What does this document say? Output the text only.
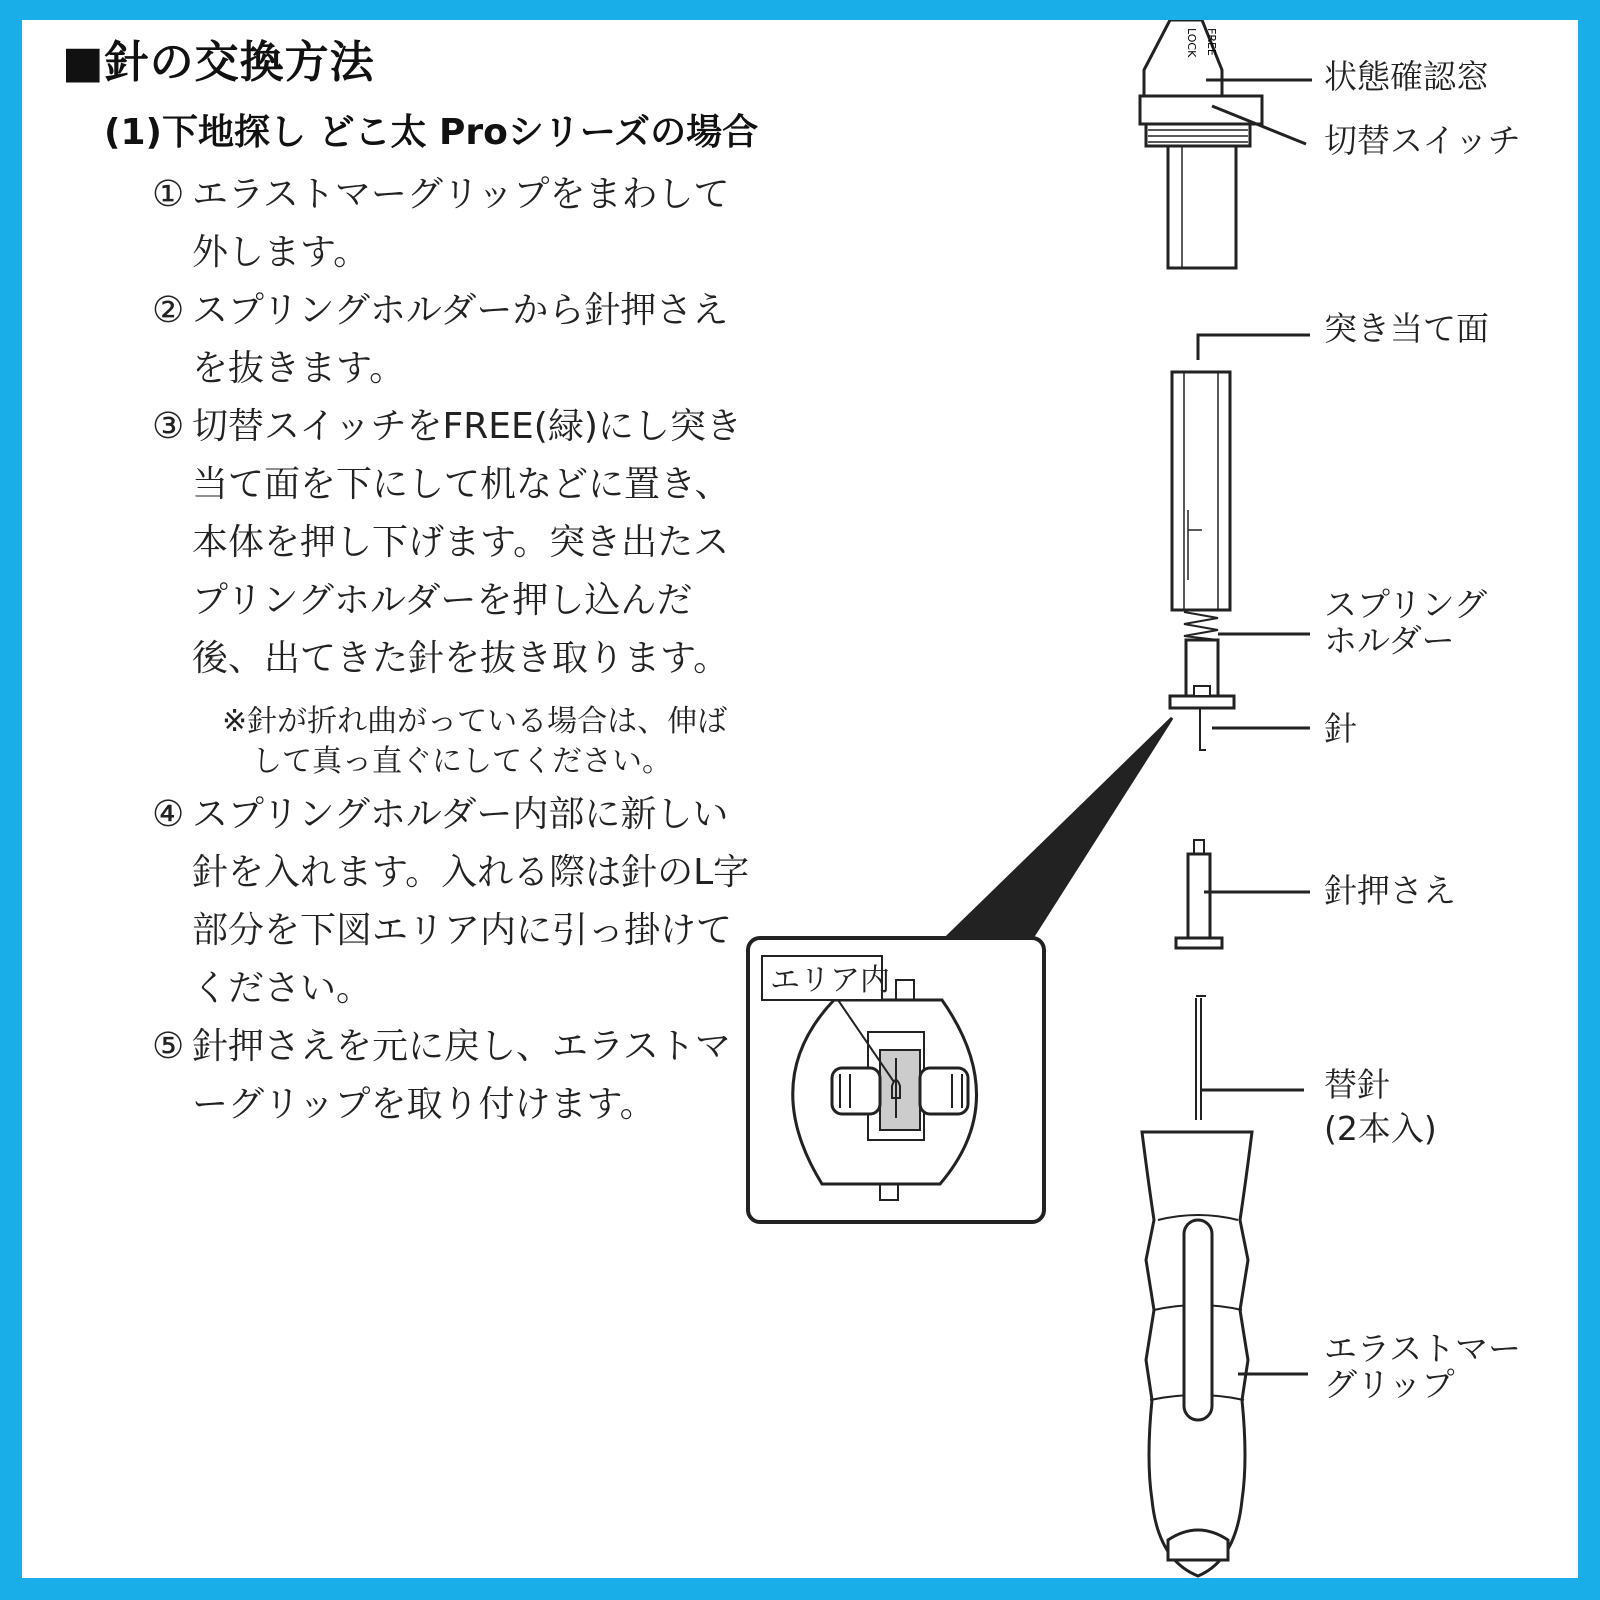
■針の交換方法
(1)下地探し どこ太 Proシリーズの場合
① エラストマーグリップをまわして外します。
② スプリングホルダーから針押さえを抜きます。
③ 切替スイッチをFREE(緑)にし突き当て面を下にして机などに置き、本体を押し下げます。突き出たスプリングホルダーを押し込んだ後、出てきた針を抜き取ります。
※針が折れ曲がっている場合は、伸ばして真っ直ぐにしてください。
④ スプリングホルダー内部に新しい針を入れます。入れる際は針のL字部分を下図エリア内に引っ掛けてください。
⑤ 針押さえを元に戻し、エラストマーグリップを取り付けます。
FREE
LOCK
エリア内
状態確認窓
切替スイッチ
突き当て面
スプリング
ホルダー
針
針押さえ
替針
(2本入)
エラストマー
グリップ
